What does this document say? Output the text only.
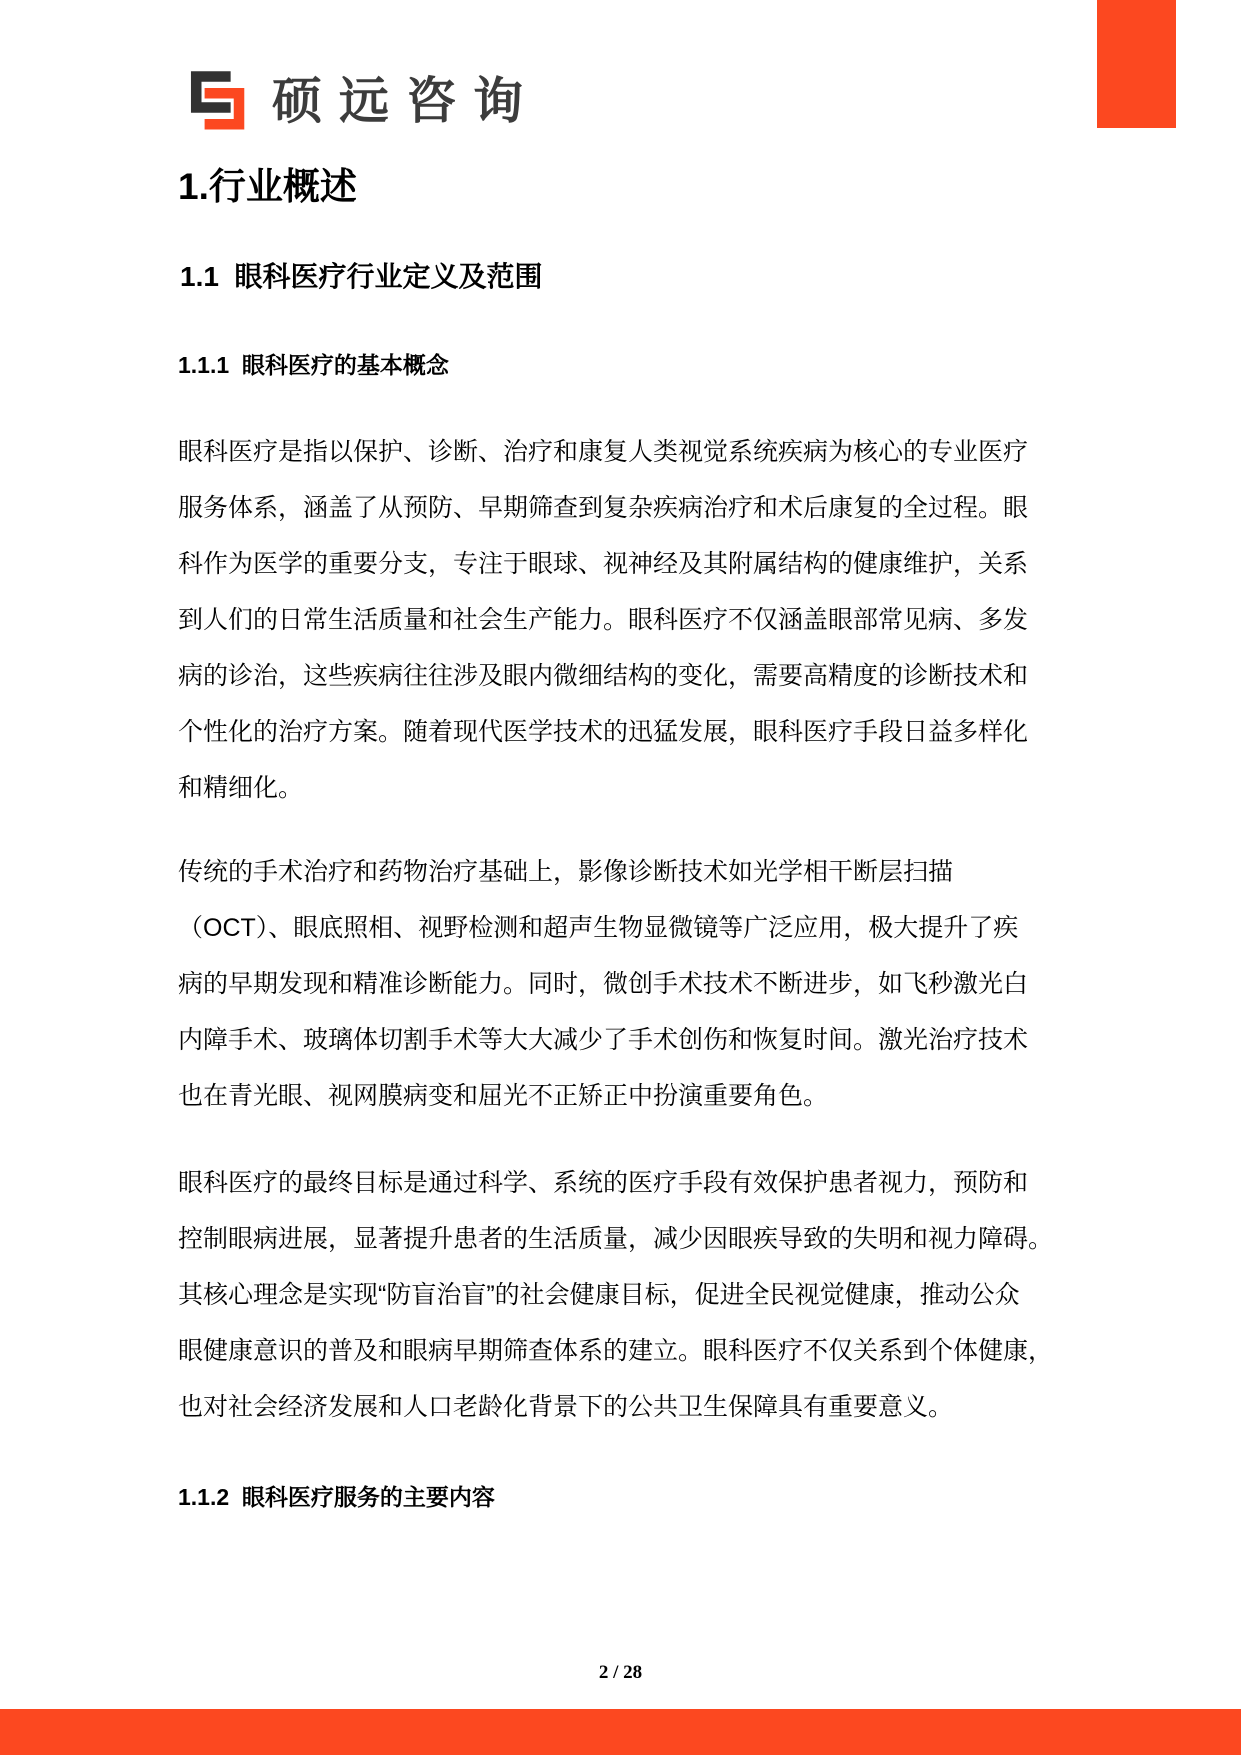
硕远咨询
1.行业概述
1.1  眼科医疗行业定义及范围
1.1.1  眼科医疗的基本概念
眼科医疗是指以保护、诊断、治疗和康复人类视觉系统疾病为核心的专业医疗
服务体系，涵盖了从预防、早期筛查到复杂疾病治疗和术后康复的全过程。眼
科作为医学的重要分支，专注于眼球、视神经及其附属结构的健康维护，关系
到人们的日常生活质量和社会生产能力。眼科医疗不仅涵盖眼部常见病、多发
病的诊治，这些疾病往往涉及眼内微细结构的变化，需要高精度的诊断技术和
个性化的治疗方案。随着现代医学技术的迅猛发展，眼科医疗手段日益多样化
和精细化。
传统的手术治疗和药物治疗基础上，影像诊断技术如光学相干断层扫描
（OCT）、眼底照相、视野检测和超声生物显微镜等广泛应用，极大提升了疾
病的早期发现和精准诊断能力。同时，微创手术技术不断进步，如飞秒激光白
内障手术、玻璃体切割手术等大大减少了手术创伤和恢复时间。激光治疗技术
也在青光眼、视网膜病变和屈光不正矫正中扮演重要角色。
眼科医疗的最终目标是通过科学、系统的医疗手段有效保护患者视力，预防和
控制眼病进展，显著提升患者的生活质量，减少因眼疾导致的失明和视力障碍。
其核心理念是实现“防盲治盲”的社会健康目标，促进全民视觉健康，推动公众
眼健康意识的普及和眼病早期筛查体系的建立。眼科医疗不仅关系到个体健康，
也对社会经济发展和人口老龄化背景下的公共卫生保障具有重要意义。
1.1.2  眼科医疗服务的主要内容
2 / 28
